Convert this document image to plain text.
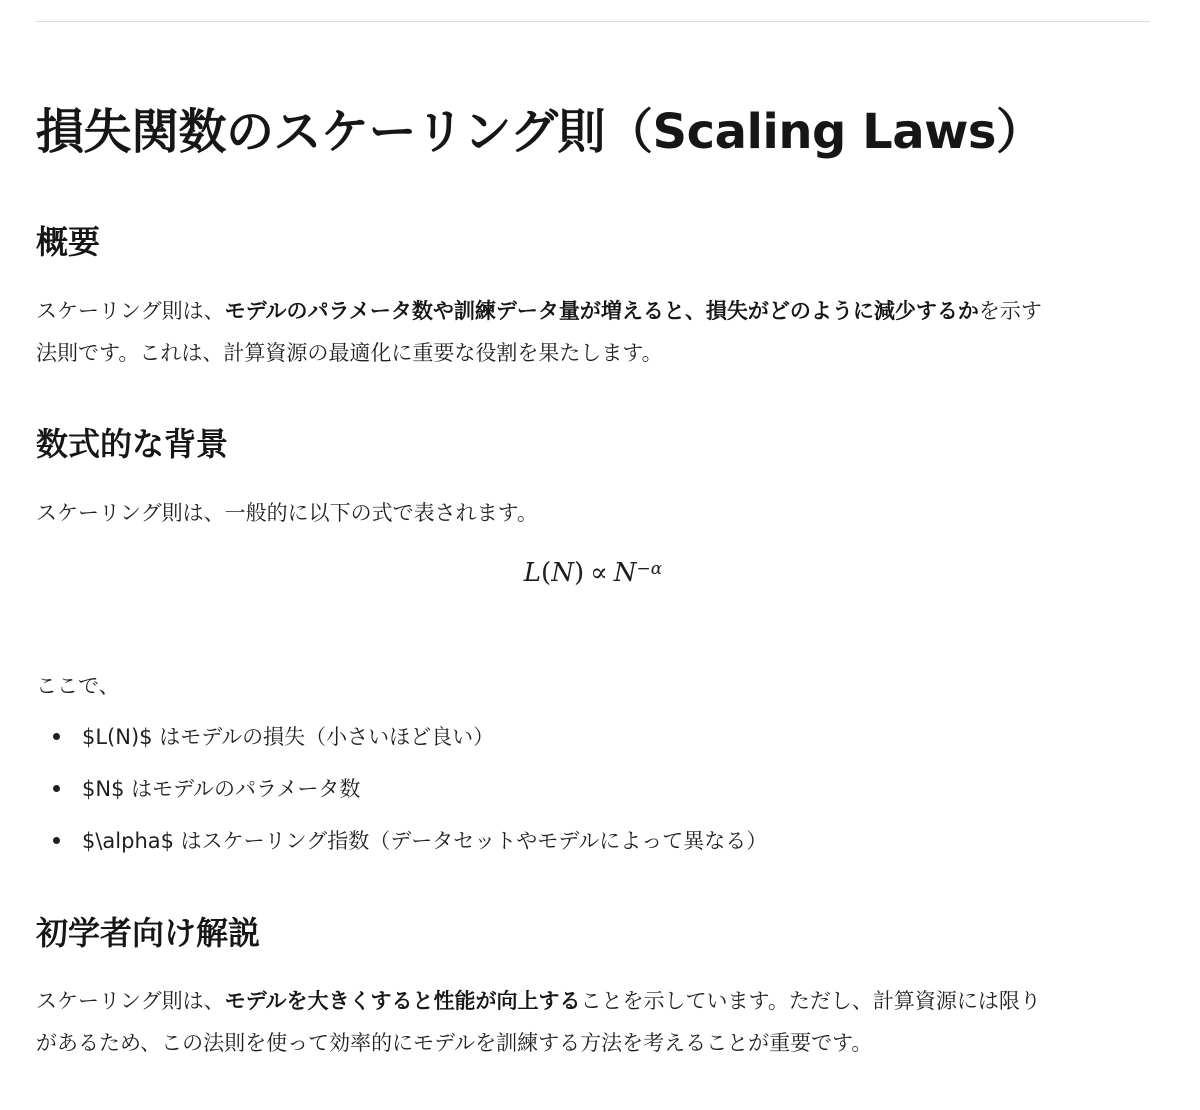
損失関数のスケーリング則（Scaling Laws）
概要

スケーリング則は、モデルのパラメータ数や訓練データ量が増えると、損失がどのように減少するかを示す
法則です。これは、計算資源の最適化に重要な役割を果たします。

数式的な背景

スケーリング則は、一般的に以下の式で表されます。

$L(N) \propto N^{-\alpha}$

ここで、

$L(N)$ はモデルの損失（小さいほど良い）
$N$ はモデルのパラメータ数
$\alpha$ はスケーリング指数（データセットやモデルによって異なる）
初学者向け解説

スケーリング則は、モデルを大きくすると性能が向上することを示しています。ただし、計算資源には限り
があるため、この法則を使って効率的にモデルを訓練する方法を考えることが重要です。
